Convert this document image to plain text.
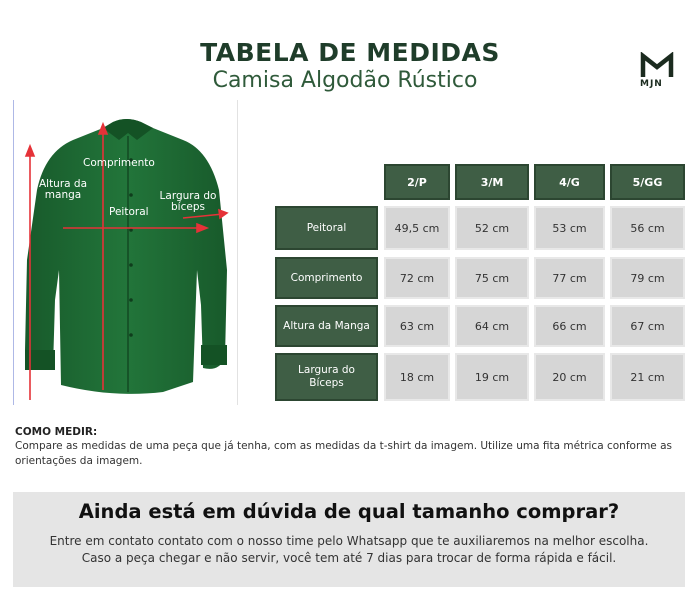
TABELA DE MEDIDAS
Camisa Algodão Rústico	MJN
Comprimento
Altura da manga	Largura do bíceps
Peitoral
2/P	3/M	4/G	5/GG
Peitoral	49,5 cm	52 cm	53 cm	56 cm
Comprimento	72 cm	75 cm	77 cm	79 cm
Altura da Manga	63 cm	64 cm	66 cm	67 cm
Largura do Bíceps	18 cm	19 cm	20 cm	21 cm
COMO MEDIR:
Compare as medidas de uma peça que já tenha, com as medidas da t-shirt da imagem. Utilize uma fita métrica conforme as orientações da imagem.
Ainda está em dúvida de qual tamanho comprar?
Entre em contato contato com o nosso time pelo Whatsapp que te auxiliaremos na melhor escolha.
Caso a peça chegar e não servir, você tem até 7 dias para trocar de forma rápida e fácil.
